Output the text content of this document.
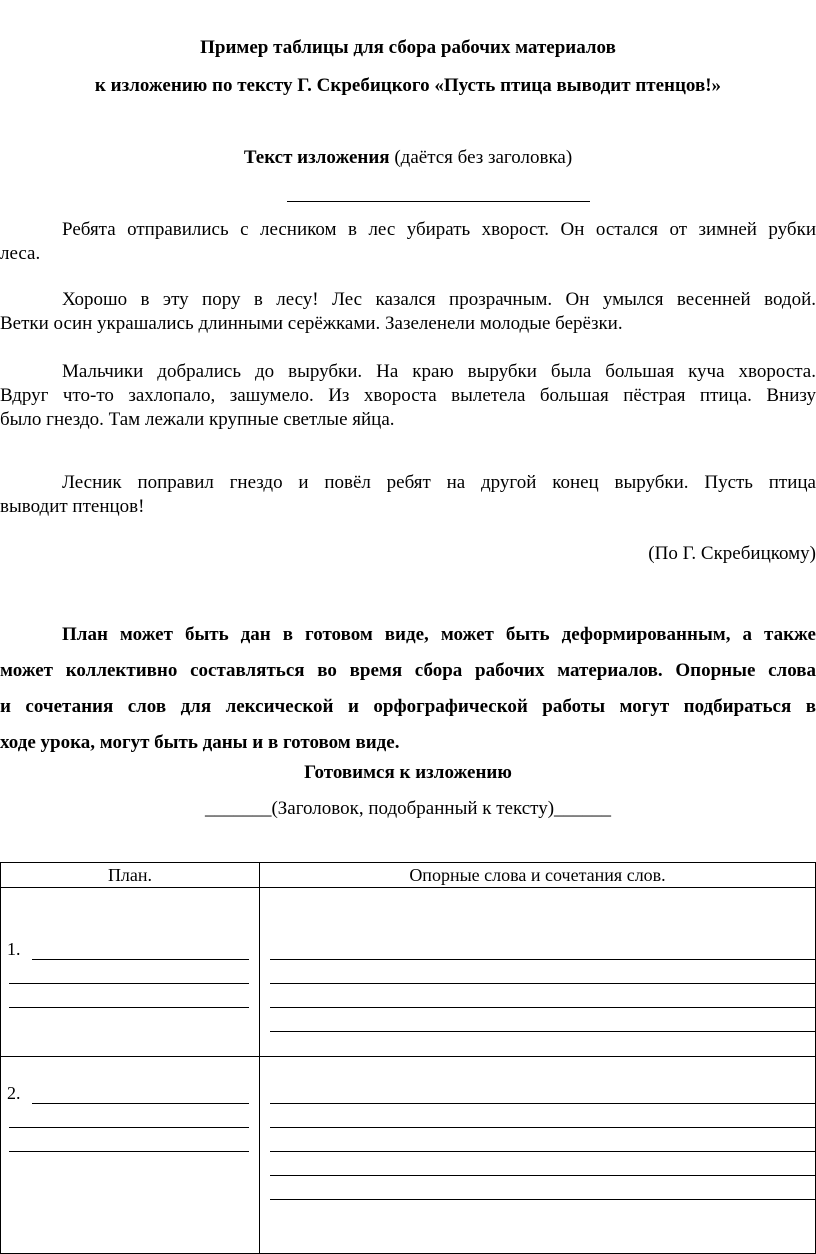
Пример таблицы для сбора рабочих материалов
к изложению по тексту Г. Скребицкого «Пусть птица выводит птенцов!»
Текст изложения (даётся без заголовка)
Ребята отправились с лесником в лес убирать хворост. Он остался от зимней рубки
леса.
Хорошо в эту пору в лесу! Лес казался прозрачным. Он умылся весенней водой.
Ветки осин украшались длинными серёжками. Зазеленели молодые берёзки.
Мальчики добрались до вырубки. На краю вырубки была большая куча хвороста.
Вдруг что-то захлопало, зашумело. Из хвороста вылетела большая пёстрая птица. Внизу
было гнездо. Там лежали крупные светлые яйца.
Лесник поправил гнездо и повёл ребят на другой конец вырубки. Пусть птица
выводит птенцов!
(По Г. Скребицкому)
План может быть дан в готовом виде, может быть деформированным, а также
может коллективно составляться во время сбора рабочих материалов. Опорные слова
и сочетания слов для лексической и орфографической работы могут подбираться в
ходе урока, могут быть даны и в готовом виде.
Готовимся к изложению
_______(Заголовок, подобранный к тексту)______
План.	Опорные слова и сочетания слов.

1.	

2.	
